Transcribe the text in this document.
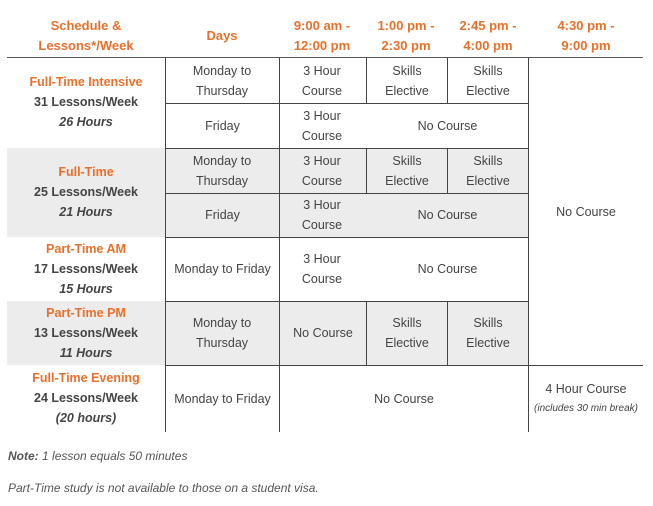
Schedule & Lessons*/Week
Days
9:00 am - 12:00 pm
1:00 pm - 2:30 pm
2:45 pm - 4:00 pm
4:30 pm - 9:00 pm
Full-Time Intensive
31 Lessons/Week
26 Hours
Full-Time
25 Lessons/Week
21 Hours
Part-Time AM
17 Lessons/Week
15 Hours
Part-Time PM
13 Lessons/Week
11 Hours
Full-Time Evening
24 Lessons/Week
(20 hours)
Monday to Thursday
3 Hour Course
Skills Elective
Skills Elective
Friday
3 Hour Course
No Course
Monday to Thursday
3 Hour Course
Skills Elective
Skills Elective
Friday
3 Hour Course
No Course	No Course
Monday to Friday
3 Hour Course
No Course
Monday to Thursday
No Course
Skills Elective
Skills Elective
Monday to Friday	No Course
4 Hour Course
(includes 30 min break)
Note: 1 lesson equals 50 minutes
Part-Time study is not available to those on a student visa.
